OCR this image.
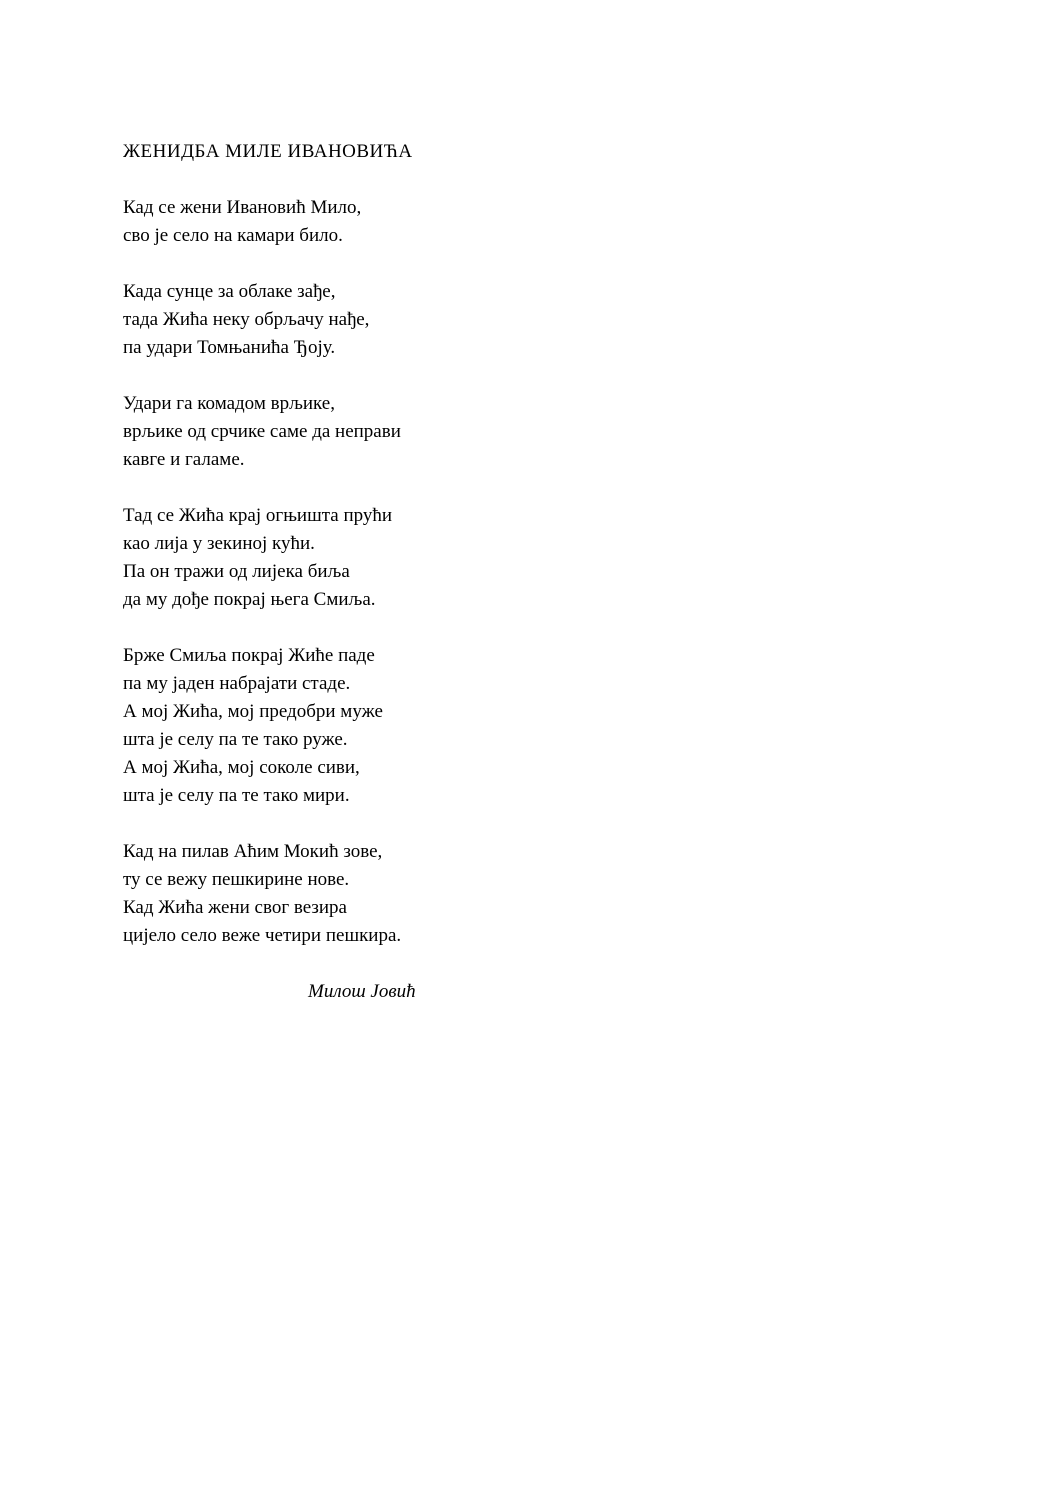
ЖЕНИДБА МИЛЕ ИВАНОВИЋА
Кад се жени Ивановић Мило,
сво је село на камари било.
Када сунце за облаке зађе,
тада Жића неку обрљачу нађе,
па удари Томњанића Ђоју.
Удари га комадом врљике,
врљике од срчике саме да неправи
кавге и галаме.
Тад се Жића крај огњишта прући
као лија у зекиној кући.
Па он тражи од лијека биља
да му дође покрај њега Смиља.
Брже Смиља покрај Жиће паде
па му јаден набрајати стаде.
А мој Жића, мој предобри муже
шта је селу па те тако руже.
А мој Жића, мој соколе сиви,
шта је селу па те тако мири.
Кад на пилав Аћим Мокић зове,
ту се вежу пешкирине нове.
Кад Жића жени свог везира
цијело село веже четири пешкира.
Милош Јовић
